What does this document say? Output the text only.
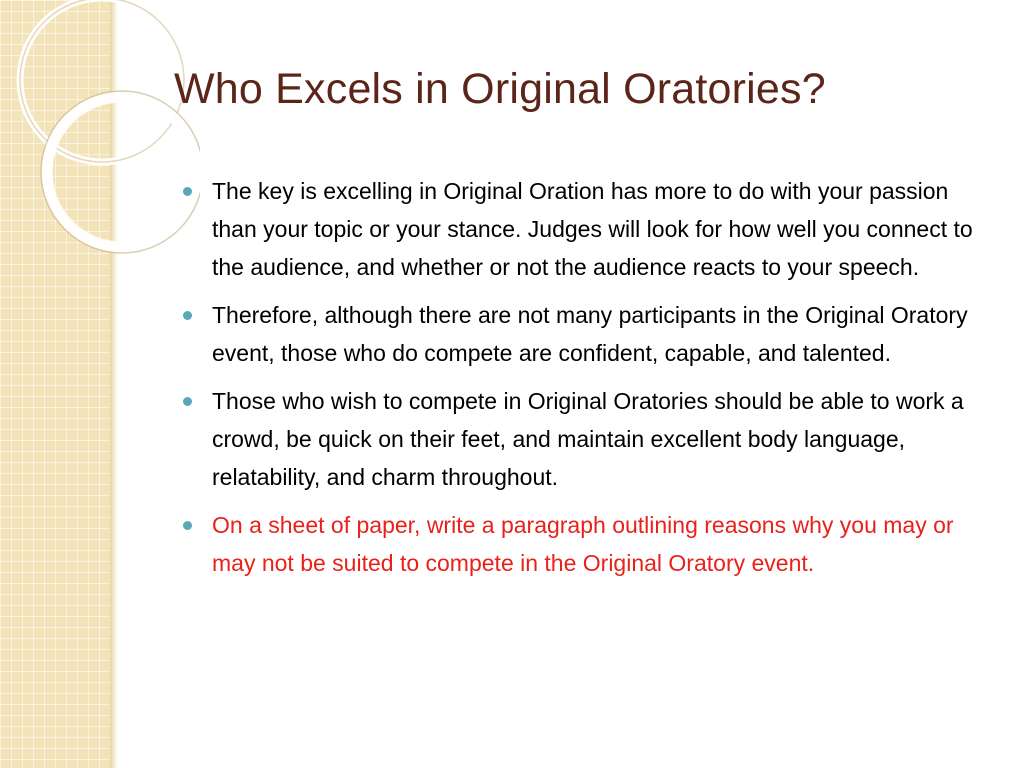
Who Excels in Original Oratories?
The key is excelling in Original Oration has more to do with your passion than your topic or your stance. Judges will look for how well you connect to the audience, and whether or not the audience reacts to your speech.
Therefore, although there are not many participants in the Original Oratory event, those who do compete are confident, capable, and talented.
Those who wish to compete in Original Oratories should be able to work a crowd, be quick on their feet, and maintain excellent body language, relatability, and charm throughout.
On a sheet of paper, write a paragraph outlining reasons why you may or may not be suited to compete in the Original Oratory event.
